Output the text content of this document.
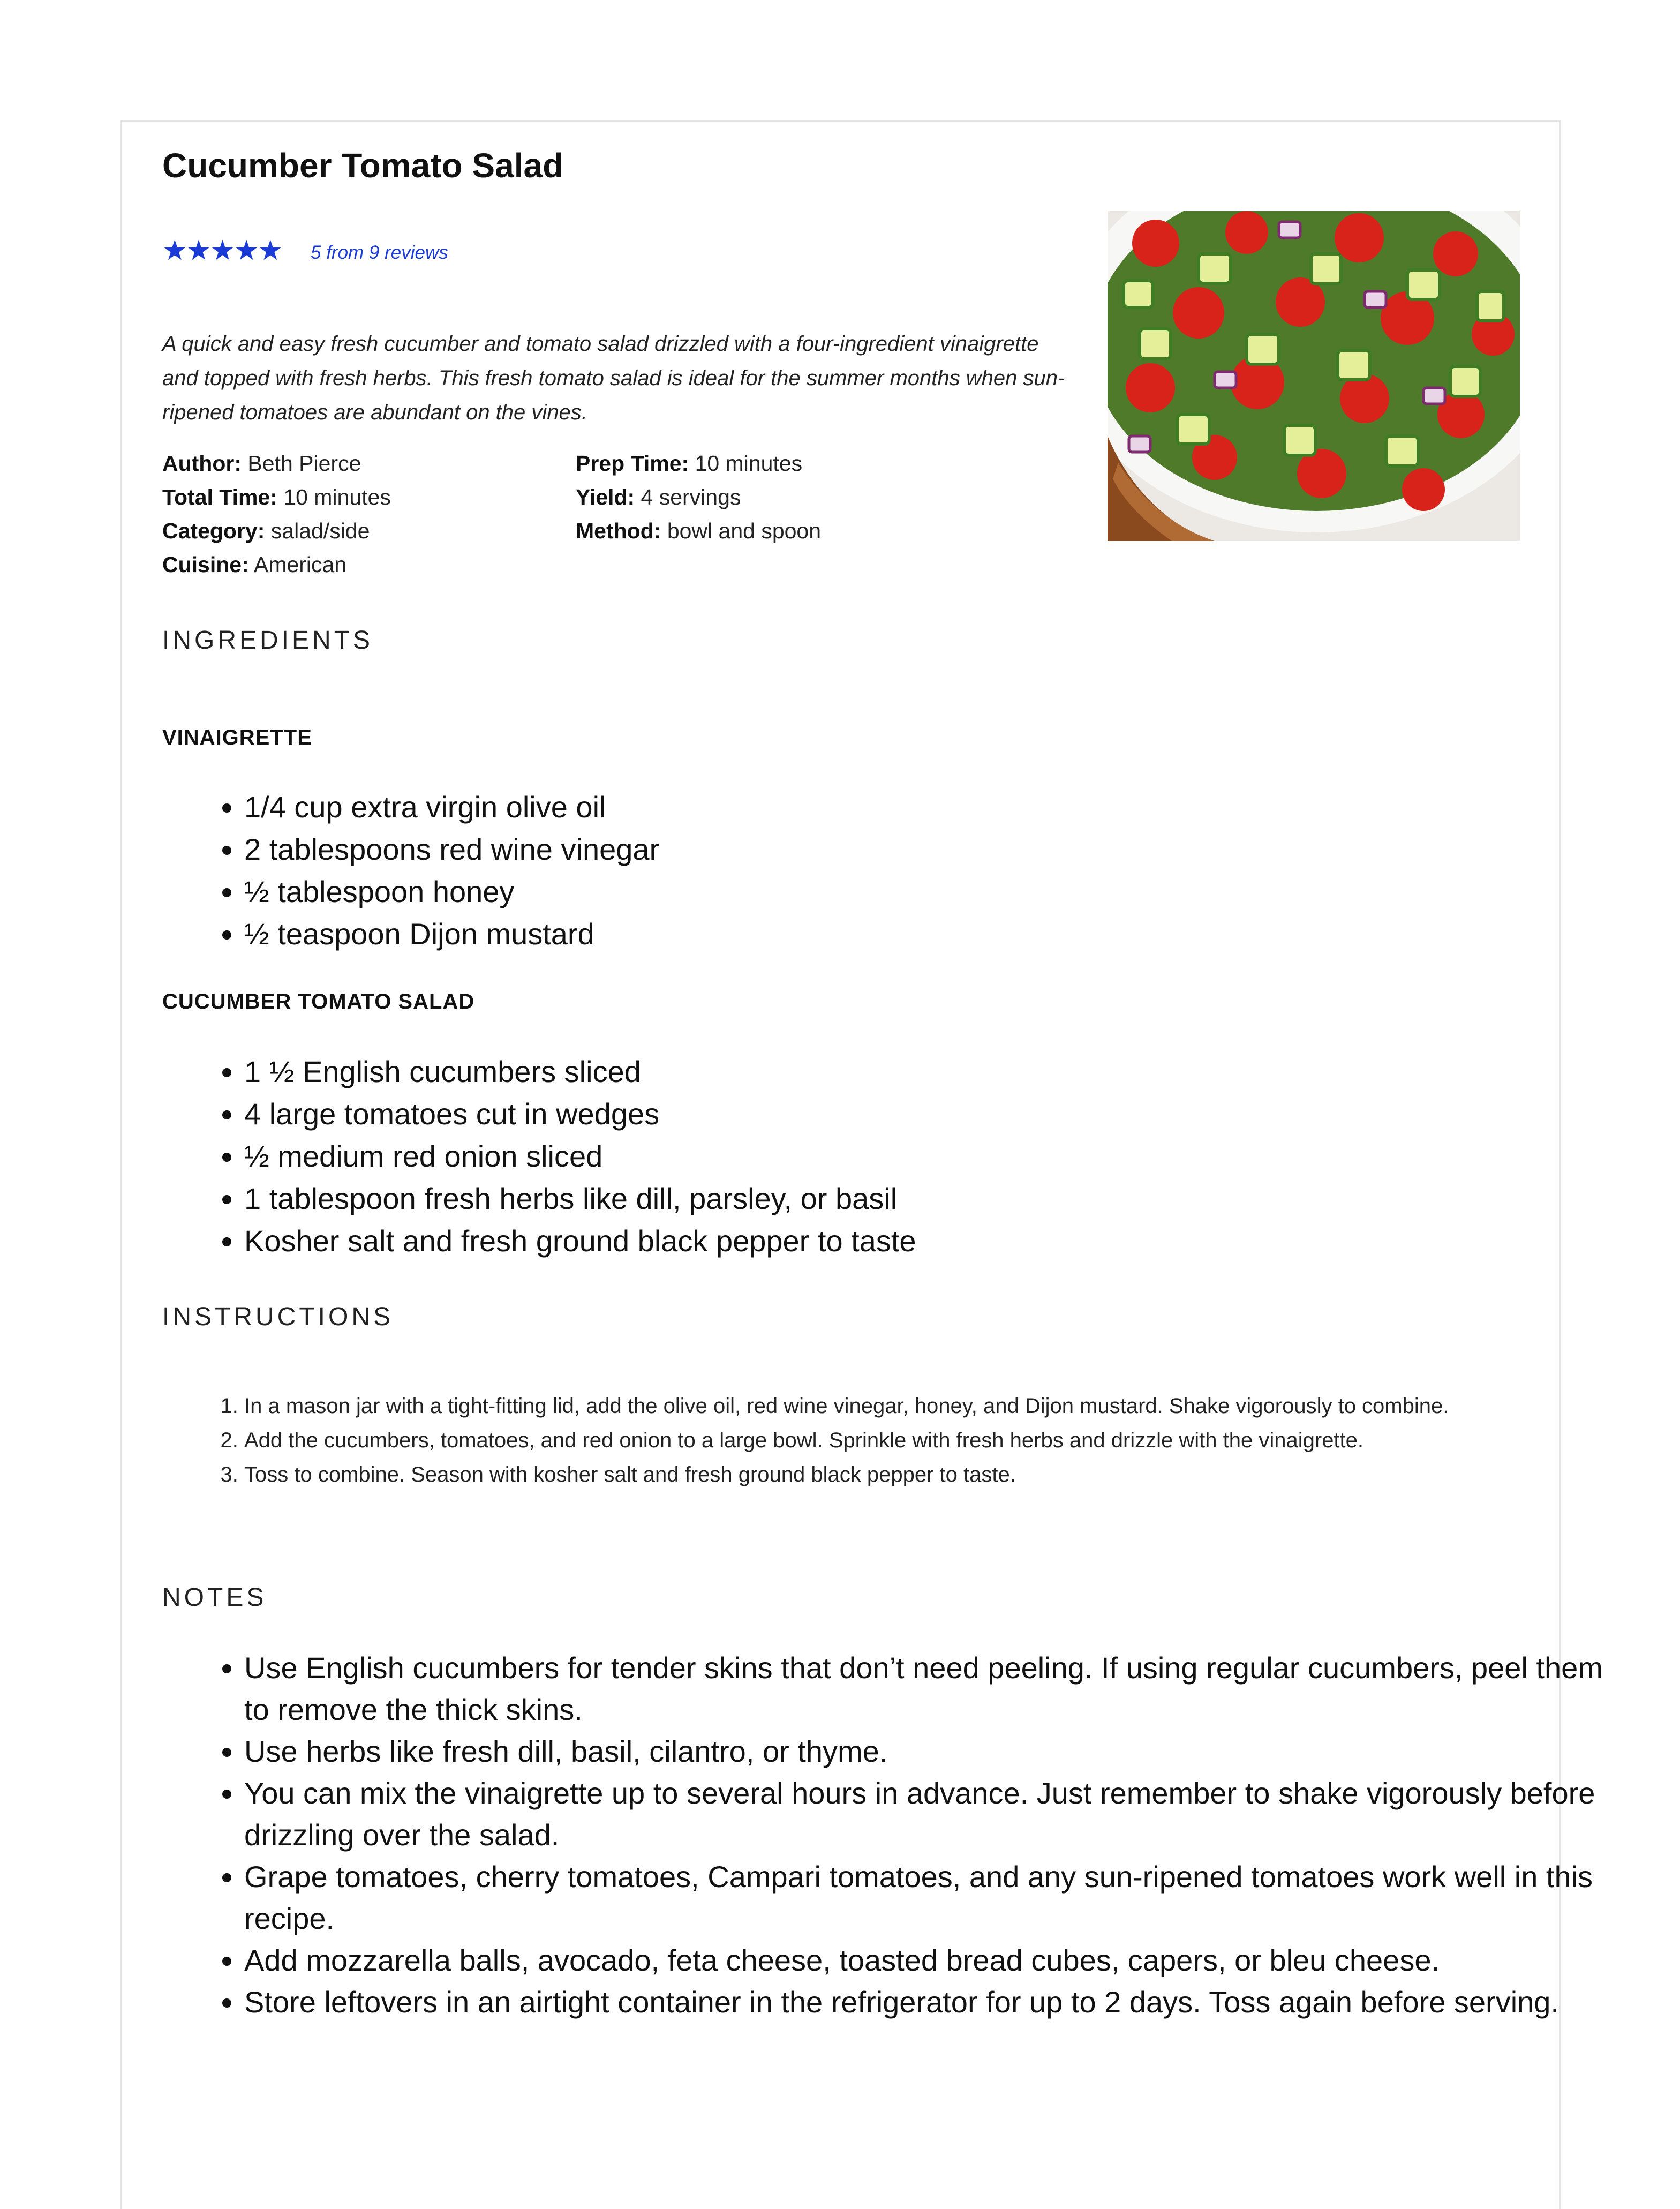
Cucumber Tomato Salad
★★★★★ 5 from 9 reviews
A quick and easy fresh cucumber and tomato salad drizzled with a four-ingredient vinaigrette and topped with fresh herbs. This fresh tomato salad is ideal for the summer months when sun-ripened tomatoes are abundant on the vines.
Author: Beth Pierce
Total Time: 10 minutes
Category: salad/side
Cuisine: American
Prep Time: 10 minutes
Yield: 4 servings
Method: bowl and spoon
INGREDIENTS
VINAIGRETTE
• 1/4 cup extra virgin olive oil
• 2 tablespoons red wine vinegar
• ½ tablespoon honey
• ½ teaspoon Dijon mustard
CUCUMBER TOMATO SALAD
• 1 ½ English cucumbers sliced
• 4 large tomatoes cut in wedges
• ½ medium red onion sliced
• 1 tablespoon fresh herbs like dill, parsley, or basil
• Kosher salt and fresh ground black pepper to taste
INSTRUCTIONS
1. In a mason jar with a tight-fitting lid, add the olive oil, red wine vinegar, honey, and Dijon mustard. Shake vigorously to combine.
2. Add the cucumbers, tomatoes, and red onion to a large bowl. Sprinkle with fresh herbs and drizzle with the vinaigrette.
3. Toss to combine. Season with kosher salt and fresh ground black pepper to taste.
NOTES
• Use English cucumbers for tender skins that don’t need peeling. If using regular cucumbers, peel them to remove the thick skins.
• Use herbs like fresh dill, basil, cilantro, or thyme.
• You can mix the vinaigrette up to several hours in advance. Just remember to shake vigorously before drizzling over the salad.
• Grape tomatoes, cherry tomatoes, Campari tomatoes, and any sun-ripened tomatoes work well in this recipe.
• Add mozzarella balls, avocado, feta cheese, toasted bread cubes, capers, or bleu cheese.
• Store leftovers in an airtight container in the refrigerator for up to 2 days. Toss again before serving.
